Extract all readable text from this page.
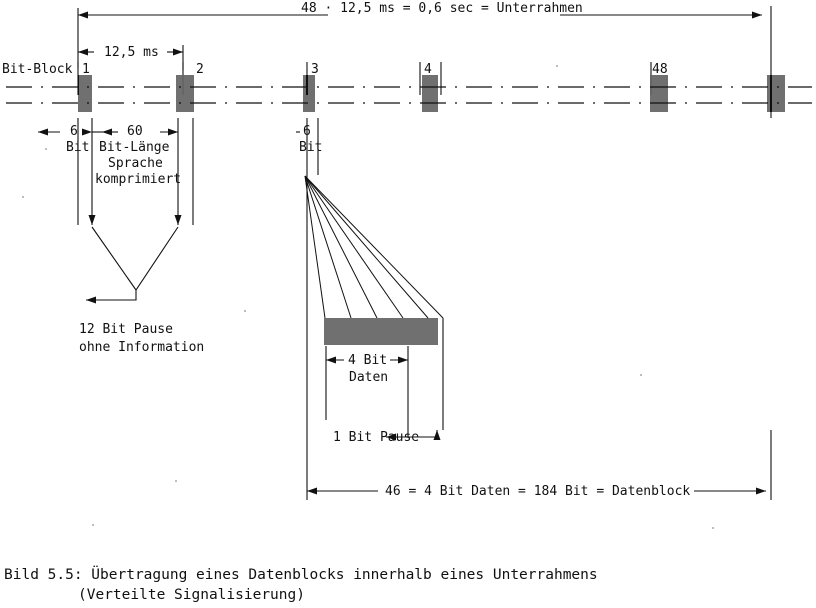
48 · 12,5 ms = 0,6 sec = Unterrahmen
12,5 ms
Bit-Block 1	2	3	4	48
6
Bit
60
Bit-Länge
Sprache
komprimiert
12 Bit Pause
ohne Information
6
Bit
4 Bit
Daten
1 Bit Pause
46 = 4 Bit Daten = 184 Bit = Datenblock
Bild 5.5: Übertragung eines Datenblocks innerhalb eines Unterrahmens
(Verteilte Signalisierung)
